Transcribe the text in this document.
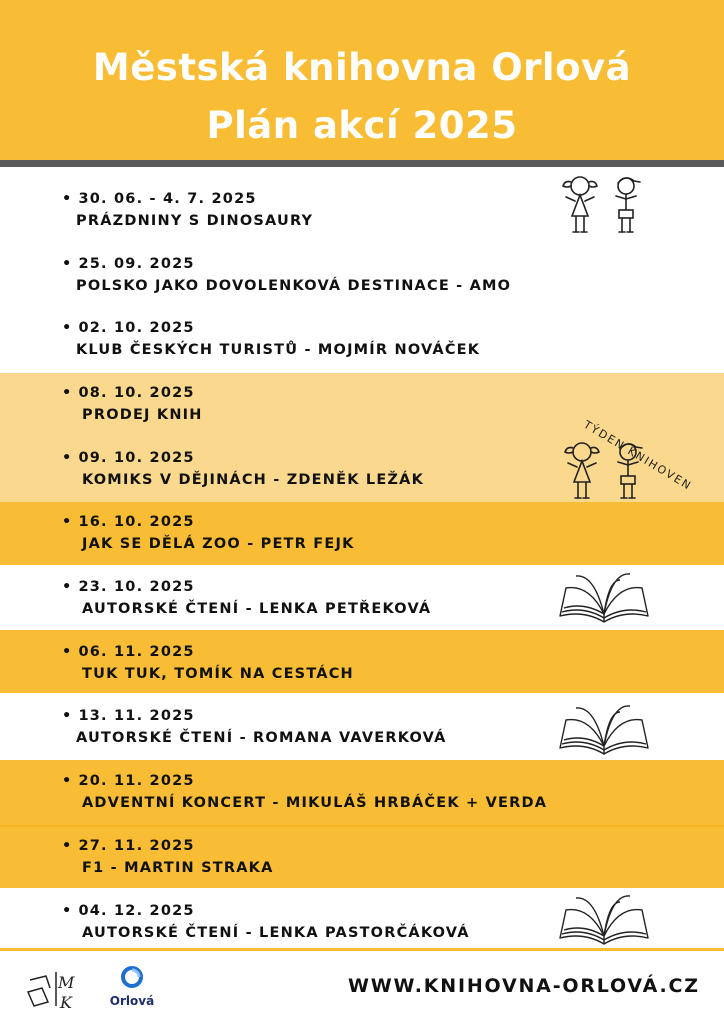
Městská knihovna Orlová
Plán akcí 2025
• 30. 06. - 4. 7. 2025
PRÁZDNINY S DINOSAURY
• 25. 09. 2025
POLSKO JAKO DOVOLENKOVÁ DESTINACE - AMO
• 02. 10. 2025
KLUB ČESKÝCH TURISTŮ - MOJMÍR NOVÁČEK
• 08. 10. 2025
PRODEJ KNIH
• 09. 10. 2025
KOMIKS V DĚJINÁCH - ZDENĚK LEŽÁK
• 16. 10. 2025
JAK SE DĚLÁ ZOO - PETR FEJK
• 23. 10. 2025
AUTORSKÉ ČTENÍ - LENKA PETŘEKOVÁ
• 06. 11. 2025
TUK TUK, TOMÍK NA CESTÁCH
• 13. 11. 2025
AUTORSKÉ ČTENÍ - ROMANA VAVERKOVÁ
• 20. 11. 2025
ADVENTNÍ KONCERT - MIKULÁŠ HRBÁČEK + VERDA
• 27. 11. 2025
F1 - MARTIN STRAKA
• 04. 12. 2025
AUTORSKÉ ČTENÍ - LENKA PASTORČÁKOVÁ
TÝDEN KNIHOVEN
M
K	Orlová
WWW.KNIHOVNA-ORLOVÁ.CZ
